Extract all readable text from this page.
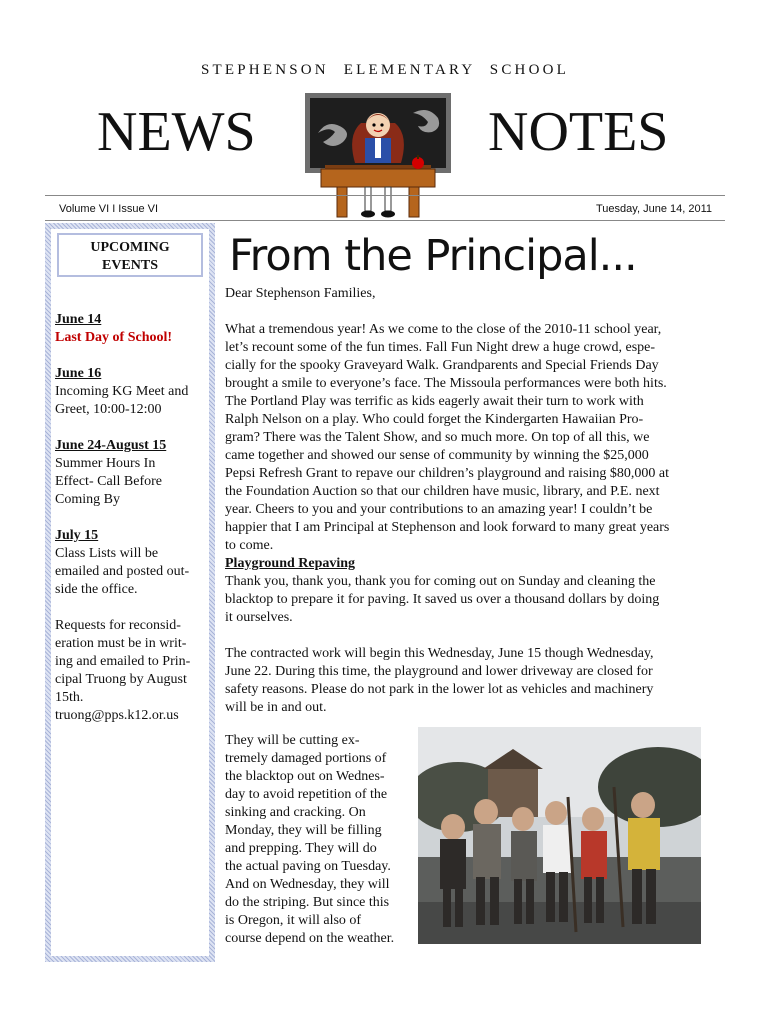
STEPHENSON ELEMENTARY SCHOOL
NEWS	NOTES
Volume VI I Issue VI	Tuesday, June 14, 2011
UPCOMING
EVENTS
June 14
Last Day of School!
June 16
Incoming KG Meet and
Greet, 10:00-12:00
June 24-August 15
Summer Hours In
Effect- Call Before
Coming By
July 15
Class Lists will be
emailed and posted out-
side the office.
Requests for reconsid-
eration must be in writ-
ing and emailed to Prin-
cipal Truong by August
15th.
truong@pps.k12.or.us
From the Principal...

Dear Stephenson Families,

What a tremendous year! As we come to the close of the 2010-11 school year,

let’s recount some of the fun times. Fall Fun Night drew a huge crowd, espe-

cially for the spooky Graveyard Walk. Grandparents and Special Friends Day

brought a smile to everyone’s face. The Missoula performances were both hits.

The Portland Play was terrific as kids eagerly await their turn to work with

Ralph Nelson on a play. Who could forget the Kindergarten Hawaiian Pro-

gram? There was the Talent Show, and so much more. On top of all this, we

came together and showed our sense of community by winning the $25,000

Pepsi Refresh Grant to repave our children’s playground and raising $80,000 at

the Foundation Auction so that our children have music, library, and P.E. next

year. Cheers to you and your contributions to an amazing year! I couldn’t be

happier that I am Principal at Stephenson and look forward to many great years

to come.

Playground Repaving

Thank you, thank you, thank you for coming out on Sunday and cleaning the

blacktop to prepare it for paving. It saved us over a thousand dollars by doing

it ourselves.

The contracted work will begin this Wednesday, June 15 though Wednesday,

June 22. During this time, the playground and lower driveway are closed for

safety reasons. Please do not park in the lower lot as vehicles and machinery

will be in and out.

They will be cutting ex-

tremely damaged portions of

the blacktop out on Wednes-

day to avoid repetition of the

sinking and cracking. On

Monday, they will be filling

and prepping. They will do

the actual paving on Tuesday.

And on Wednesday, they will

do the striping. But since this

is Oregon, it will also of

course depend on the weather.
